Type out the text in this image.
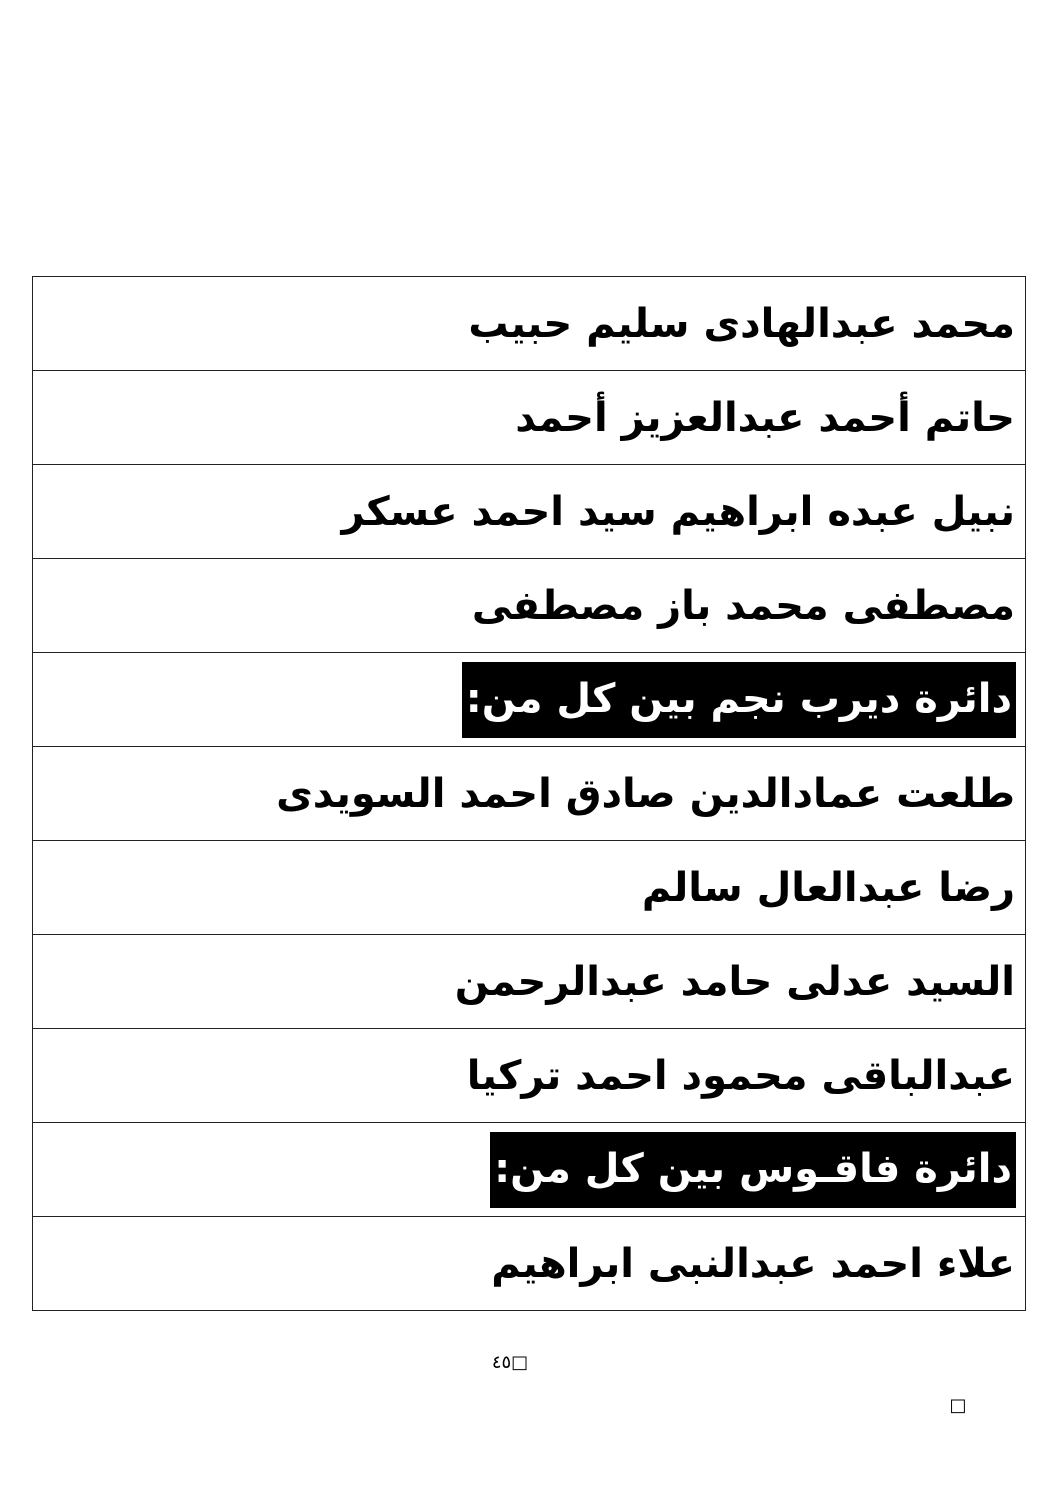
محمد عبدالهادى سليم حبيب
حاتم أحمد عبدالعزيز أحمد
نبيل عبده ابراهيم سيد احمد عسكر
مصطفى محمد باز مصطفى
دائرة ديرب نجم بين كل من:
طلعت عمادالدين صادق احمد السويدى
رضا عبدالعال سالم
السيد عدلى حامد عبدالرحمن
عبدالباقى محمود احمد تركيا
دائرة فاقـوس بين كل من:
علاء احمد عبدالنبى ابراهيم
٤٥□
□
